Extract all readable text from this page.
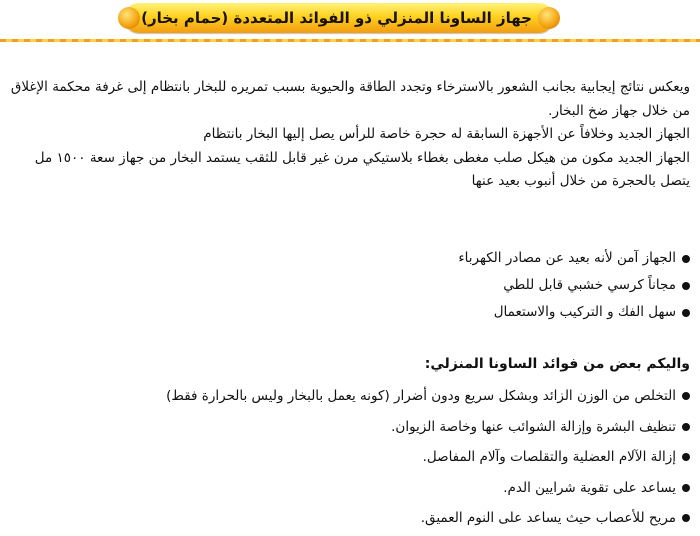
جهاز الساونا المنزلي ذو الفوائد المتعددة (حمام بخار)

ويعكس نتائج إيجابية بجانب الشعور بالاسترخاء وتجدد الطاقة والحيوية بسبب تمريره للبخار بانتظام إلى غرفة محكمة الإغلاق من خلال جهاز ضخ البخار.

الجهاز الجديد وخلافاً عن الأجهزة السابقة له حجرة خاصة للرأس يصل إليها البخار بانتظام

الجهاز الجديد مكون من هيكل صلب مغطى بغطاء بلاستيكي مرن غير قابل للثقب يستمد البخار من جهاز سعة ١٥٠٠ مل يتصل بالحجرة من خلال أنبوب بعيد عنها

الجهاز آمن لأنه بعيد عن مصادر الكهرباء
مجاناً كرسي خشبي قابل للطي
سهل الفك و التركيب والاستعمال
واليكم بعض من فوائد الساونا المنزلي:
التخلص من الوزن الزائد وبشكل سريع ودون أضرار (كونه يعمل بالبخار وليس بالحرارة فقط)
تنظيف البشرة وإزالة الشوائب عنها وخاصة الزيوان.
إزالة الآلام العضلية والتقلصات وآلام المفاصل.
يساعد على تقوية شرايين الدم.
مريح للأعصاب حيث يساعد على النوم العميق.
